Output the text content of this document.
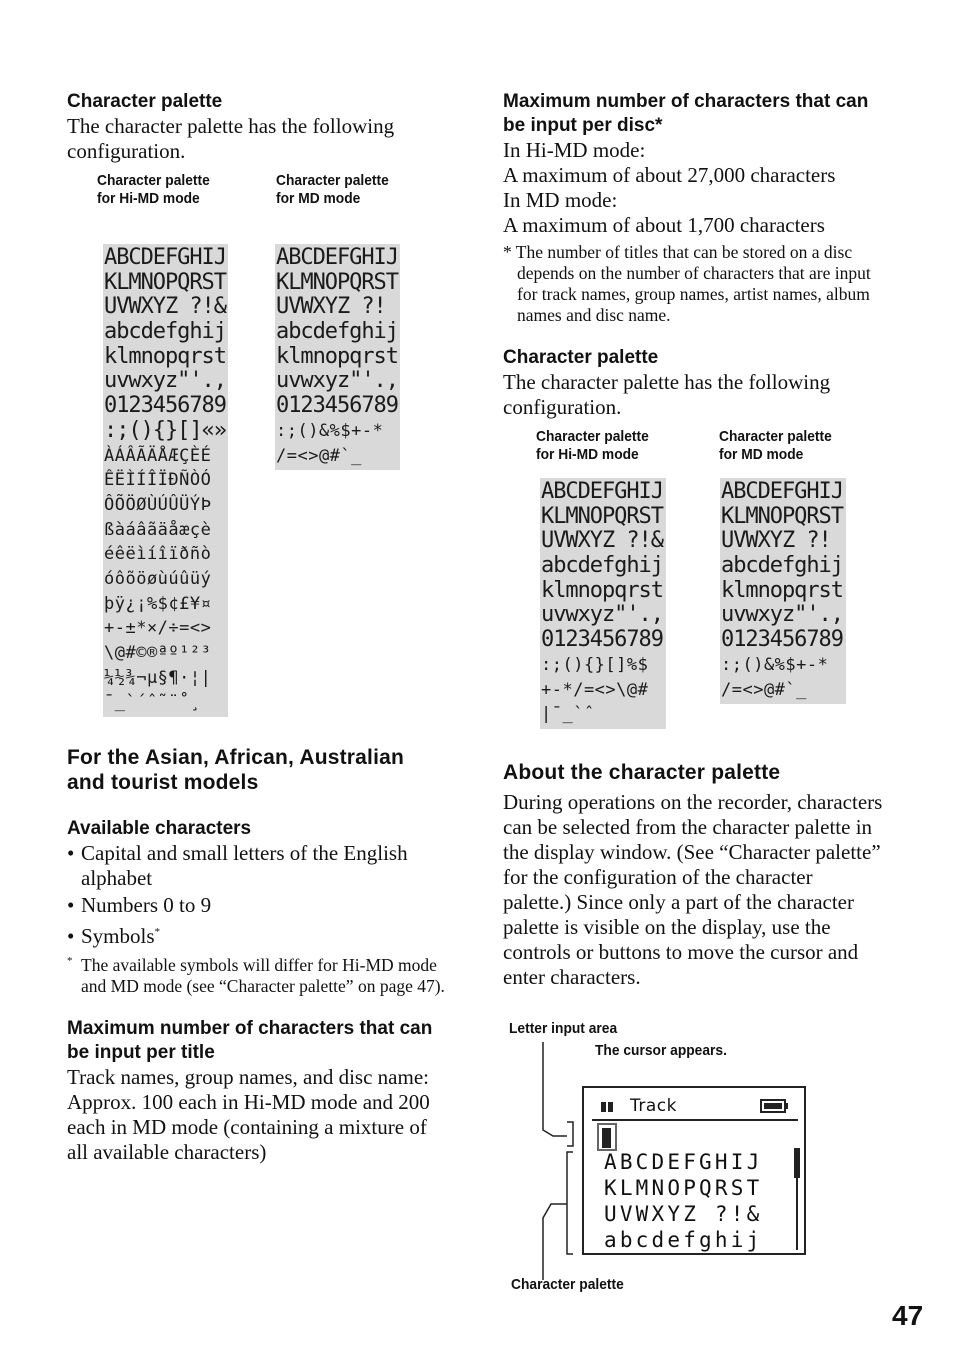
Character palette

The character palette has the following configuration.

Character palette
for Hi-MD mode
Character palette
for MD mode
ABCDEFGHIJ
KLMNOPQRST
UVWXYZ ?!&
abcdefghij
klmnopqrst
uvwxyz"'.,
0123456789
:;(){}[]«»
ÀÁÂÃÄÅÆÇÈÉ
ÊËÌÍÎÏÐÑÒÓ
ÔÕÖØÙÚÛÜÝÞ
ßàáâãäåæçè
éêëìíîïðñò
óôõöøùúûüý
þÿ¿¡%$¢£¥¤
+-±*×/÷=<>
\@#©®ªº¹²³
¼½¾¬µ§¶·¦|
¯_`´ˆ˜¨˚¸
ABCDEFGHIJ
KLMNOPQRST
UVWXYZ ?!
abcdefghij
klmnopqrst
uvwxyz"'.,
0123456789
:;()&%$+-*
/=<>@#`_
For the Asian, African, Australian and tourist models
Available characters
• Capital and small letters of the English alphabet
• Numbers 0 to 9
• Symbols*

* The available symbols will differ for Hi-MD mode and MD mode (see “Character palette” on page 47).

Maximum number of characters that can be input per title

Track names, group names, and disc name: Approx. 100 each in Hi-MD mode and 200 each in MD mode (containing a mixture of all available characters)

Maximum number of characters that can be input per disc*

In Hi-MD mode:

A maximum of about 27,000 characters

In MD mode:

A maximum of about 1,700 characters

* The number of titles that can be stored on a disc depends on the number of characters that are input for track names, group names, artist names, album names and disc name.

Character palette

The character palette has the following configuration.

Character palette
for Hi-MD mode
Character palette
for MD mode
ABCDEFGHIJ
KLMNOPQRST
UVWXYZ ?!&
abcdefghij
klmnopqrst
uvwxyz"'.,
0123456789
:;(){}[]%$
+-*/=<>\@#
|¯_`ˆ
ABCDEFGHIJ
KLMNOPQRST
UVWXYZ ?!
abcdefghij
klmnopqrst
uvwxyz"'.,
0123456789
:;()&%$+-*
/=<>@#`_
About the character palette

During operations on the recorder, characters can be selected from the character palette in the display window. (See “Character palette” for the configuration of the character palette.) Since only a part of the character palette is visible on the display, use the controls or buttons to move the cursor and enter characters.

Letter input area
The cursor appears.
Character palette
Track
ABCDEFGHIJ
KLMNOPQRST
UVWXYZ ?!&
abcdefghij
47
